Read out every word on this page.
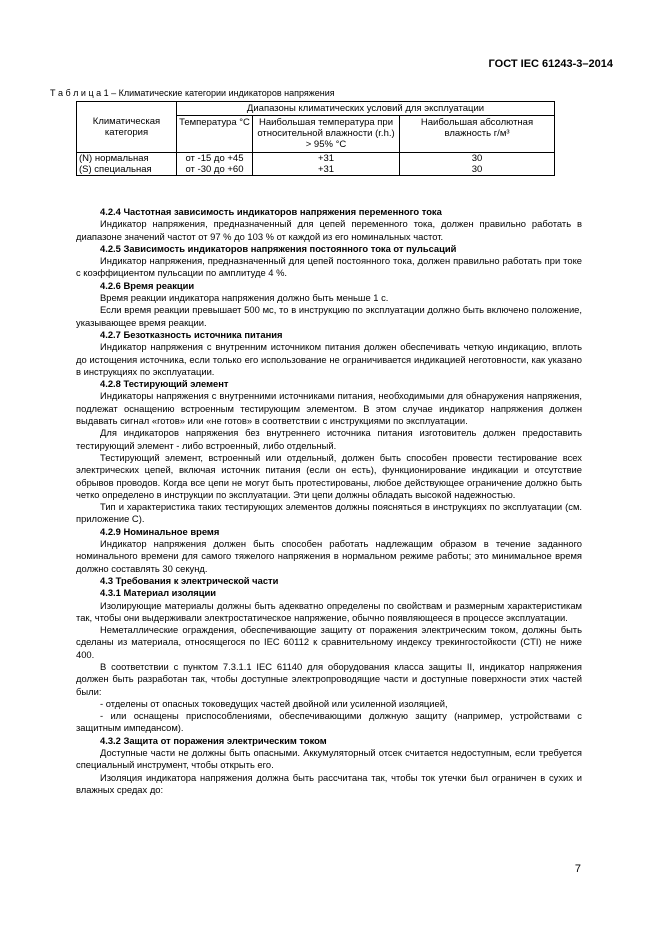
ГОСТ IEC 61243-3–2014
Т а б л и ц а 1 – Климатические категории индикаторов напряжения
Климатическая категория	Диапазоны климатических условий для эксплуатации		
	Температура °С	Наибольшая температура при относительной влажности (r.h.) > 95% °С	Наибольшая абсолютная влажность г/м³
(N) нормальная	от -15 до +45	+31	30
(S) специальная	от -30 до +60	+31	30

4.2.4 Частотная зависимость индикаторов напряжения переменного тока

Индикатор напряжения, предназначенный для цепей переменного тока, должен правильно работать в диапазоне значений частот от 97 % до 103 % от каждой из его номинальных частот.

4.2.5 Зависимость индикаторов напряжения постоянного тока от пульсаций

Индикатор напряжения, предназначенный для цепей постоянного тока, должен правильно работать при токе с коэффициентом пульсации по амплитуде 4 %.

4.2.6 Время реакции

Время реакции индикатора напряжения должно быть меньше 1 с.

Если время реакции превышает 500 мс, то в инструкцию по эксплуатации должно быть включено положение, указывающее время реакции.

4.2.7 Безотказность источника питания

Индикатор напряжения с внутренним источником питания должен обеспечивать четкую индикацию, вплоть до истощения источника, если только его использование не ограничивается индикацией неготовности, как указано в инструкциях по эксплуатации.

4.2.8 Тестирующий элемент

Индикаторы напряжения с внутренними источниками питания, необходимыми для обнаружения напряжения, подлежат оснащению встроенным тестирующим элементом. В этом случае индикатор напряжения должен выдавать сигнал «готов» или «не готов» в соответствии с инструкциями по эксплуатации.

Для индикаторов напряжения без внутреннего источника питания изготовитель должен предоставить тестирующий элемент - либо встроенный, либо отдельный.

Тестирующий элемент, встроенный или отдельный, должен быть способен провести тестирование всех электрических цепей, включая источник питания (если он есть), функционирование индикации и отсутствие обрывов проводов. Когда все цепи не могут быть протестированы, любое действующее ограничение должно быть четко определено в инструкции по эксплуатации. Эти цепи должны обладать высокой надежностью.

Тип и характеристика таких тестирующих элементов должны поясняться в инструкциях по эксплуатации (см. приложение С).

4.2.9 Номинальное время

Индикатор напряжения должен быть способен работать надлежащим образом в течение заданного номинального времени для самого тяжелого напряжения в нормальном режиме работы; это минимальное время должно составлять 30 секунд.

4.3 Требования к электрической части

4.3.1 Материал изоляции

Изолирующие материалы должны быть адекватно определены по свойствам и размерным характеристикам так, чтобы они выдерживали электростатическое напряжение, обычно появляющееся в процессе эксплуатации.

Неметаллические ограждения, обеспечивающие защиту от поражения электрическим током, должны быть сделаны из материала, относящегося по IEC 60112 к сравнительному индексу трекингостойкости (CTI) не ниже 400.

В соответствии с пунктом 7.3.1.1 IEC 61140 для оборудования класса защиты II, индикатор напряжения должен быть разработан так, чтобы доступные электропроводящие части и доступные поверхности этих частей были:

- отделены от опасных токоведущих частей двойной или усиленной изоляцией,

- или оснащены приспособлениями, обеспечивающими должную защиту (например, устройствами с защитным импедансом).

4.3.2 Защита от поражения электрическим током

Доступные части не должны быть опасными. Аккумуляторный отсек считается недоступным, если требуется специальный инструмент, чтобы открыть его.

Изоляция индикатора напряжения должна быть рассчитана так, чтобы ток утечки был ограничен в сухих и влажных средах до:

7
